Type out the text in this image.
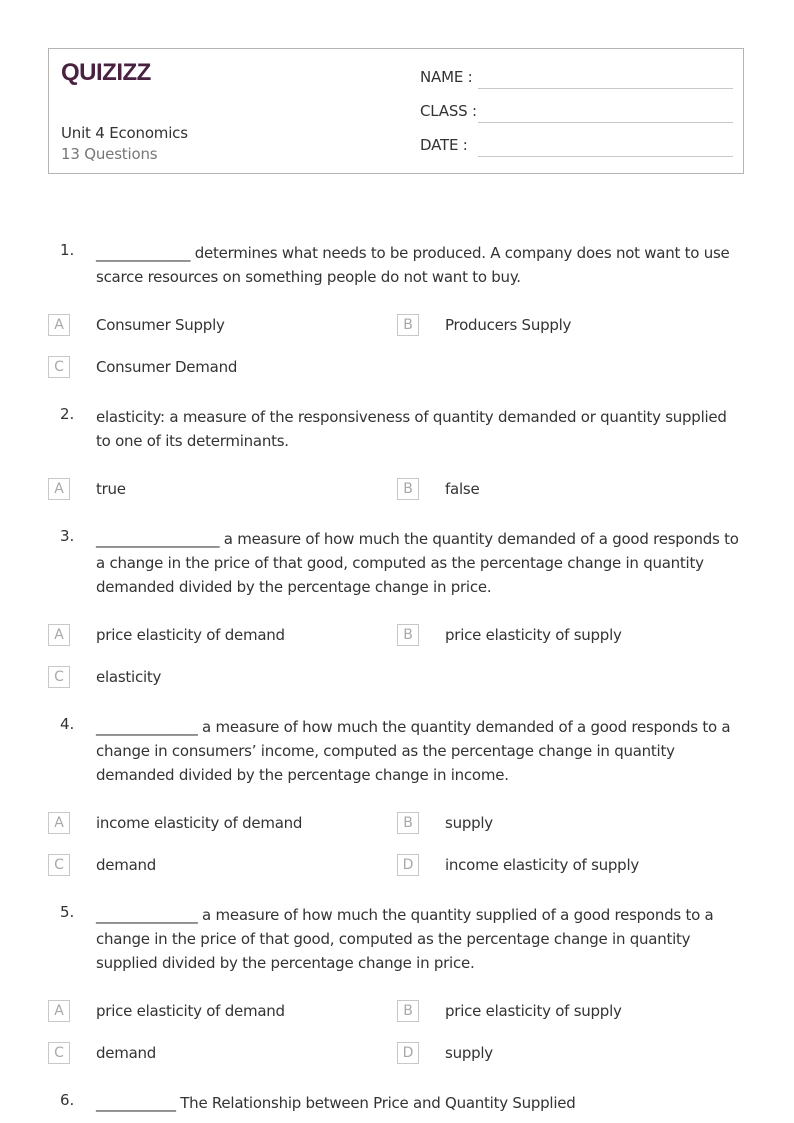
QUIZIZZ
Unit 4 Economics
13 Questions
NAME :
CLASS :
DATE :
1. _____________ determines what needs to be produced. A company does not want to use scarce resources on something people do not want to buy.
A	Consumer Supply	B	Producers Supply
C	Consumer Demand
2. elasticity: a measure of the responsiveness of quantity demanded or quantity supplied to one of its determinants.
A	true	B	false
3. _________________ a measure of how much the quantity demanded of a good responds to a change in the price of that good, computed as the percentage change in quantity demanded divided by the percentage change in price.
A	price elasticity of demand	B	price elasticity of supply
C	elasticity
4. ______________ a measure of how much the quantity demanded of a good responds to a change in consumers’ income, computed as the percentage change in quantity demanded divided by the percentage change in income.
A	income elasticity of demand	B	supply
C	demand	D	income elasticity of supply
5. ______________ a measure of how much the quantity supplied of a good responds to a change in the price of that good, computed as the percentage change in quantity supplied divided by the percentage change in price.
A	price elasticity of demand	B	price elasticity of supply
C	demand	D	supply
6. ___________ The Relationship between Price and Quantity Supplied
